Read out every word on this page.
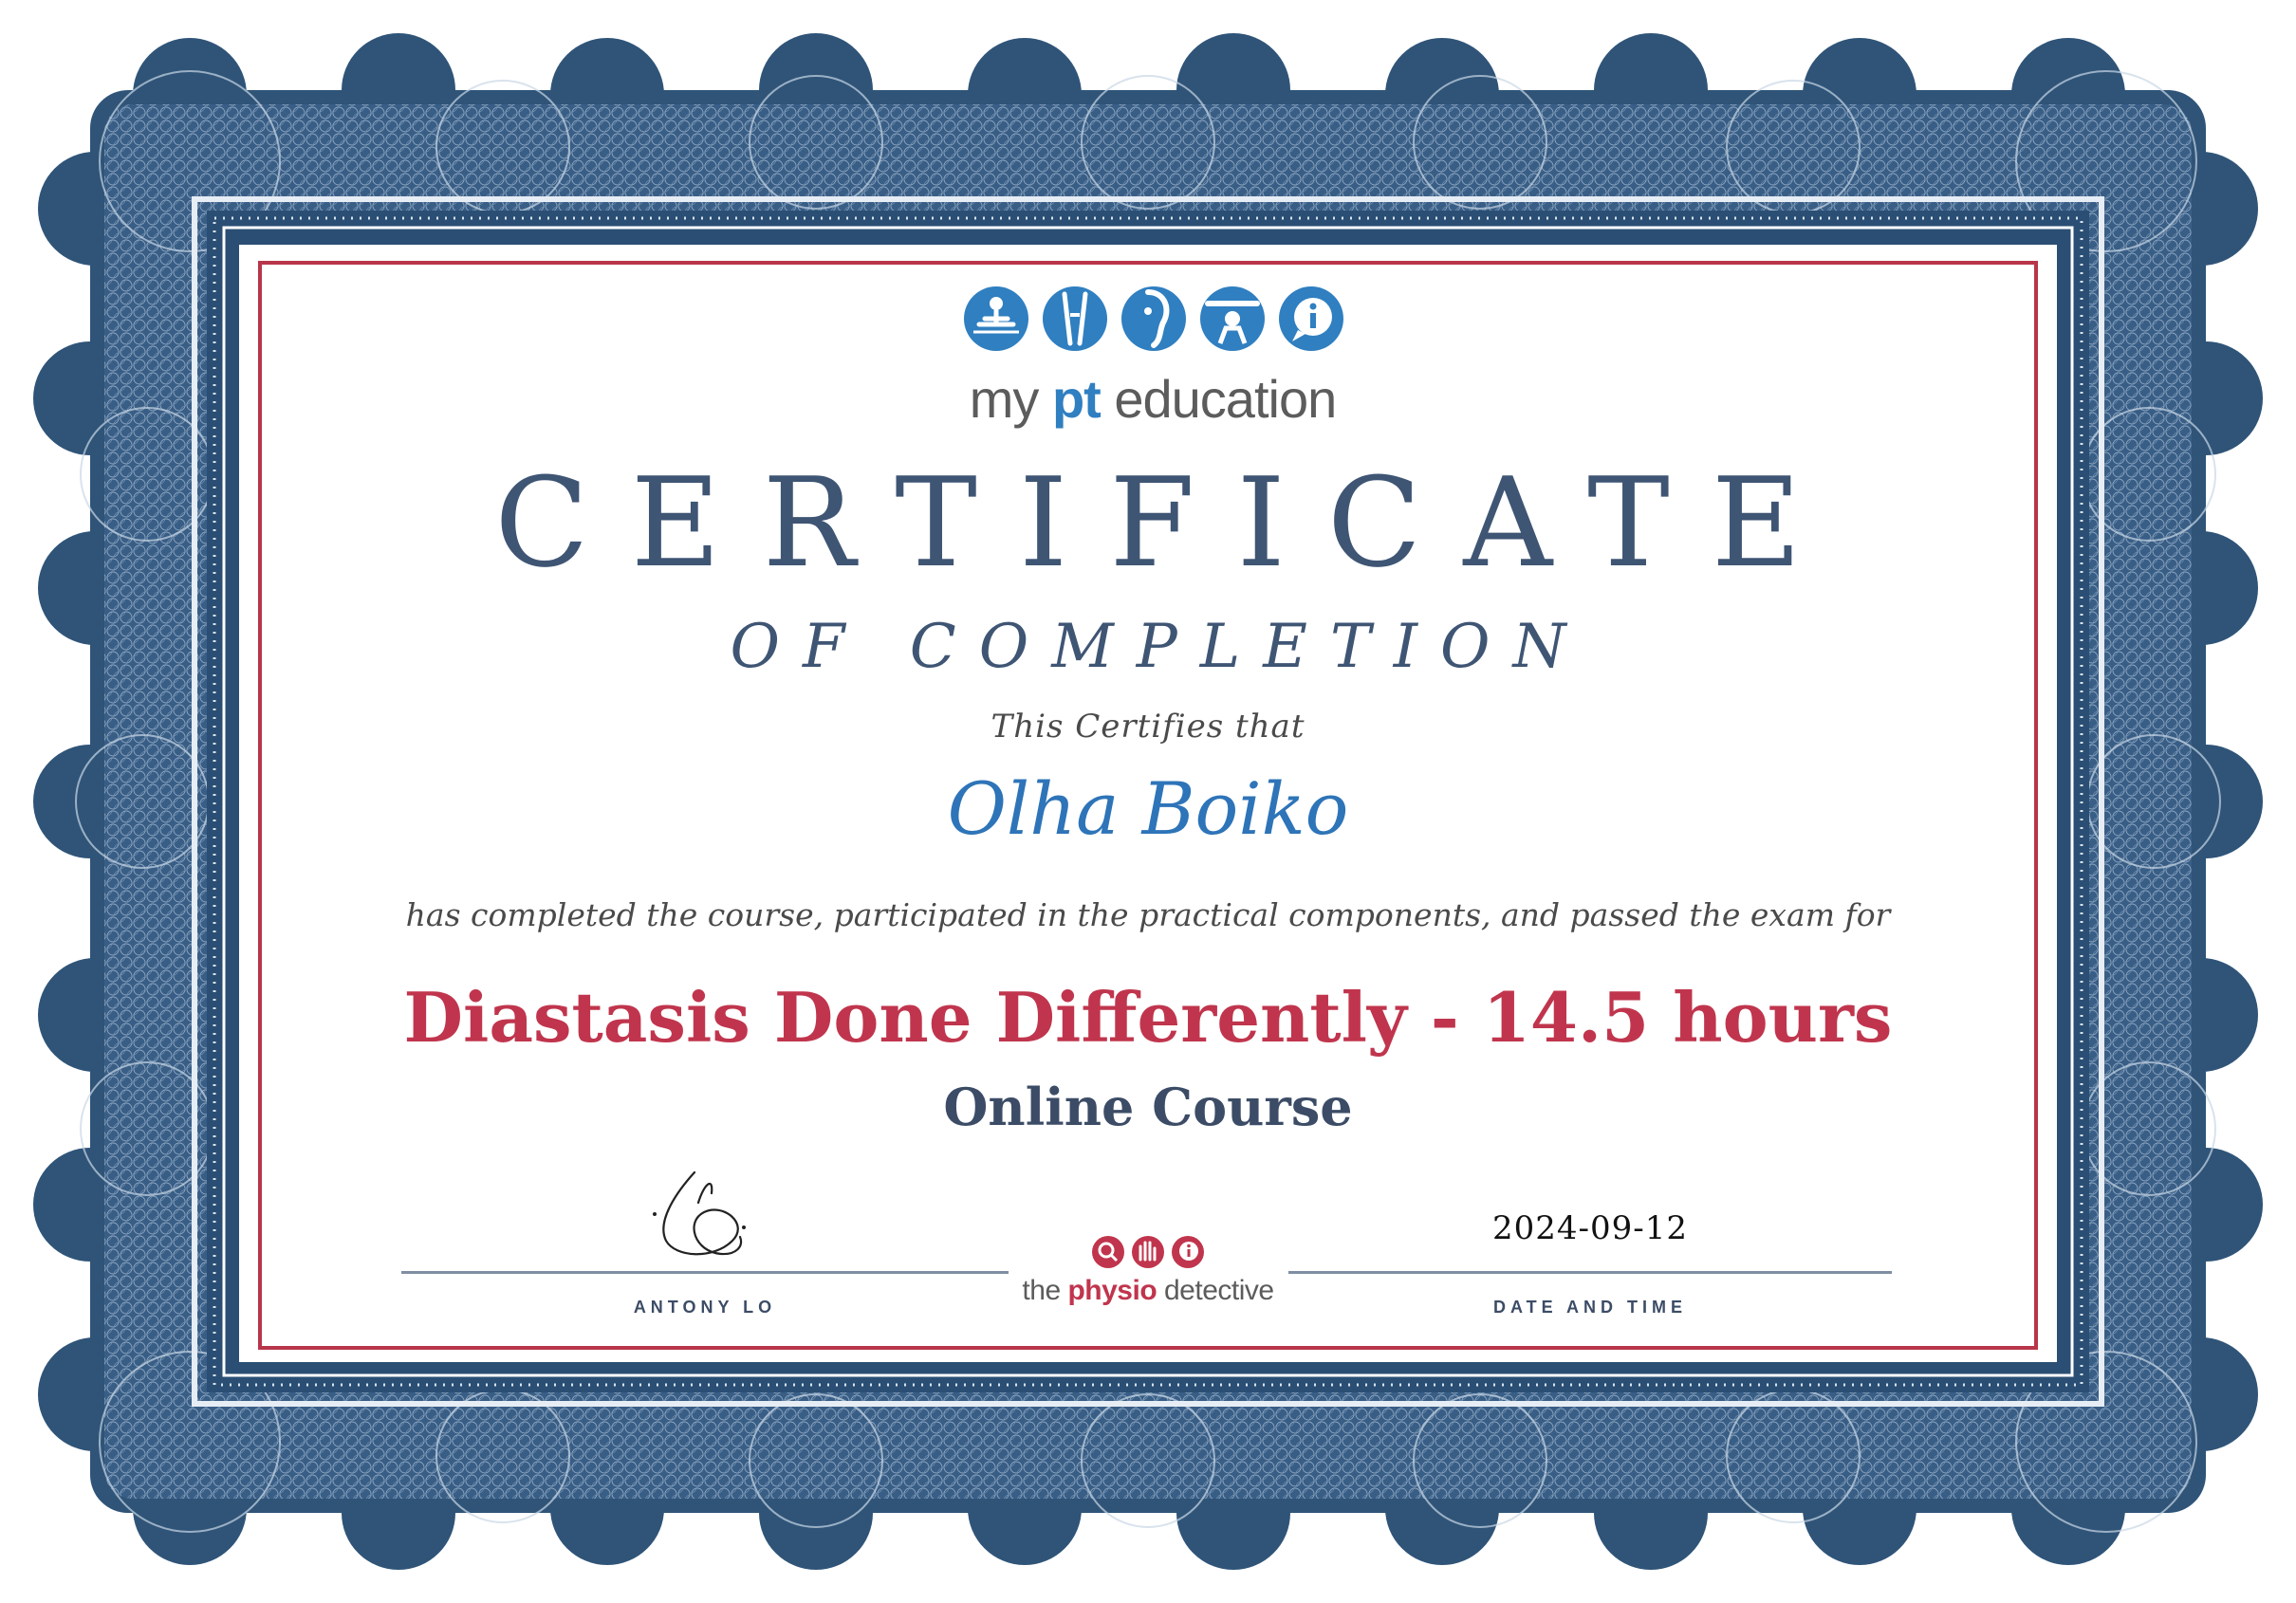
my pt education
CERTIFICATE
OF COMPLETION
This Certifies that
Olha Boiko
has completed the course, participated in the practical components, and passed the exam for
Diastasis Done Differently - 14.5 hours
Online Course
ANTONY LO
2024-09-12
DATE AND TIME
the physio detective
